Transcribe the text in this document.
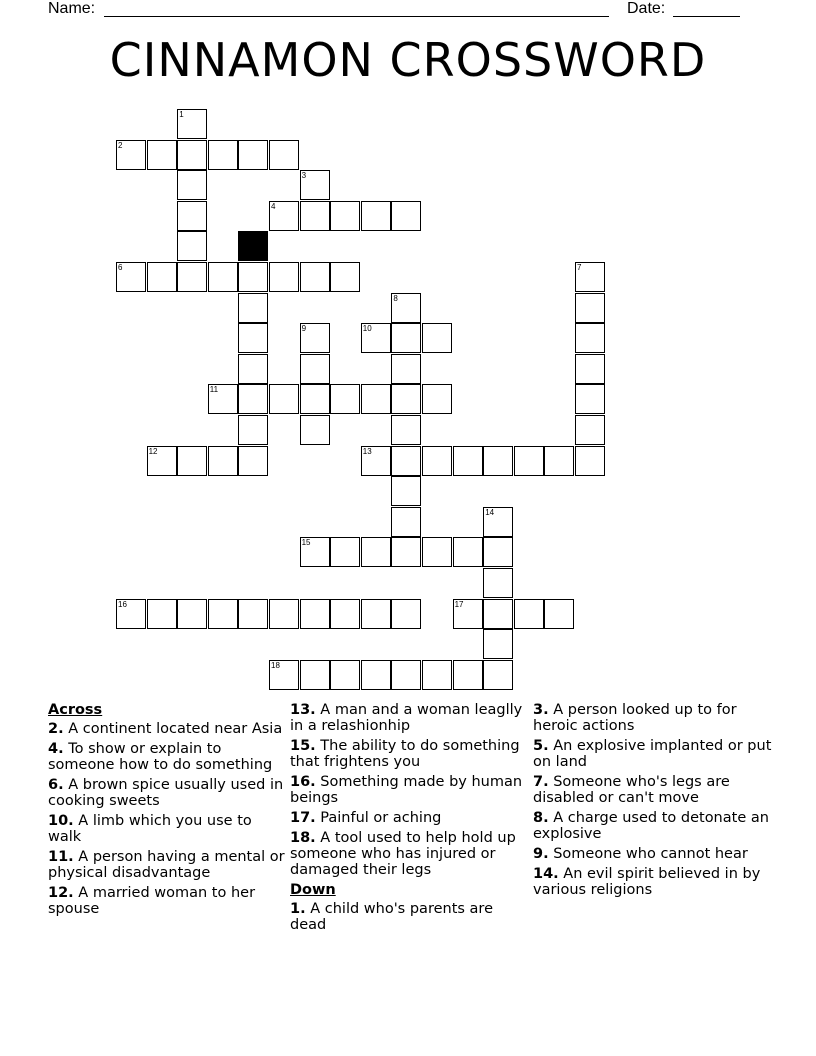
Name:	Date:
CINNAMON CROSSWORD
1
2
3
4
5
6	7
8
9	10
11
12	13
14
15
16	17
18
Across
2. A continent located near Asia
4. To show or explain to someone how to do something
6. A brown spice usually used in cooking sweets
10. A limb which you use to walk
11. A person having a mental or physical disadvantage
12. A married woman to her spouse
13. A man and a woman leaglly in a relashionhip
15. The ability to do something that frightens you
16. Something made by human beings
17. Painful or aching
18. A tool used to help hold up someone who has injured or damaged their legs
Down
1. A child who's parents are dead
3. A person looked up to for heroic actions
5. An explosive implanted or put on land
7. Someone who's legs are disabled or can't move
8. A charge used to detonate an explosive
9. Someone who cannot hear
14. An evil spirit believed in by various religions
